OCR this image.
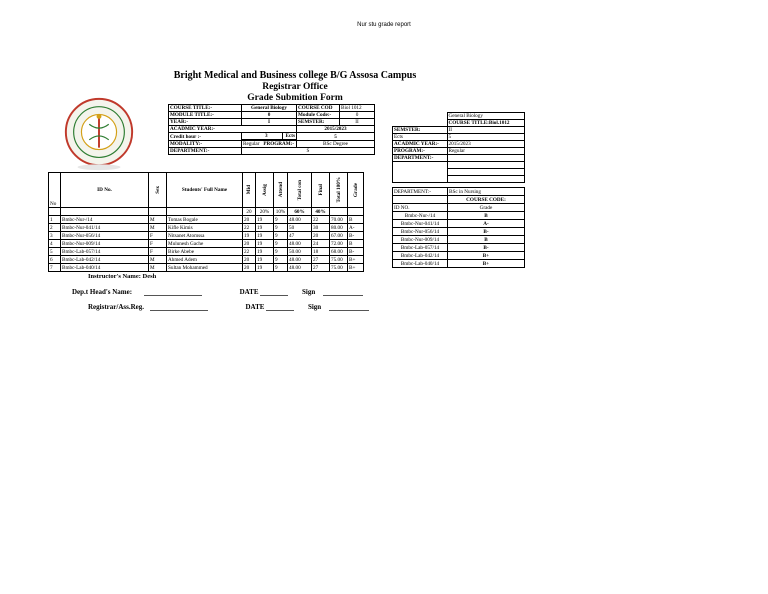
Nur stu grade report
Bright Medical and Business college B/G Assosa Campus
Registrar Office
Grade Submition Form
COURSE TITLE:-	General Biology	COURSE COD	Biol 1012
MODULE TITLE:-	0	Module Code:-	0
YEAR:-	I	SEMSTER:	II
ACADMIC YEAR:-		2015/2023	
Credit hour :-		3	Ects	5	
MODALITY:-	Regular PROGRAM:-	BSc Degree	
DEPARTMENT:-	S		
No	ID No.	Sex	Students' Full Name	Mid	Assig	Attend	Total con	Final	Total 100%	Grade

				20	20%	10%	60%	40%		
1	Bmbc-Nur-/14	M	Tomas Bogale	20	19	9	48.00	22	70.00	B
2	Bmbc-Nur-041/14	M	Kifle Kimis	22	19	9	50	30	80.00	A-
3	Bmbc-Nur-056/14	F	Nitsanet Atomssa	19	19	9	47	20	67.00	B-
4	Bmbc-Nur-009/14	F	Mulunesh Gache	20	19	9	48.00	24	72.00	B
5	Bmbc-Lab-057/14	F	Birke Abebe	22	19	9	50.00	18	68.00	B-
6	Bmbc-Lab-042/14	M	Ahmed Adem	20	19	9	48.00	27	75.00	B+
7	Bmbc-Lab-040/14	M	Sultan Mohammed	20	19	9	48.00	27	75.00	B+
	General Biology
	COURSE TITLE:Biol.1012
SEMSTER:	II
Ects	5
ACADMIC YEAR:-	2015/2023
PROGRAM:-	Regular
DEPARTMENT:-	

DEPARTMENT:-	BSc in Nursing
	COURSE CODE:
ID NO.	Grade
Bmbc-Nur-/14	B
Bmbc-Nur-041/14	A-
Bmbc-Nur-056/14	B-
Bmbc-Nur-009/14	B
Bmbc-Lab-057/14	B-
Bmbc-Lab-042/14	B+
Bmbc-Lab-040/14	B+
Instructor's Name: Desh
Dep.t Head's Name:	DATE	Sign
Registrar/Ass.Reg.	DATE	Sign
